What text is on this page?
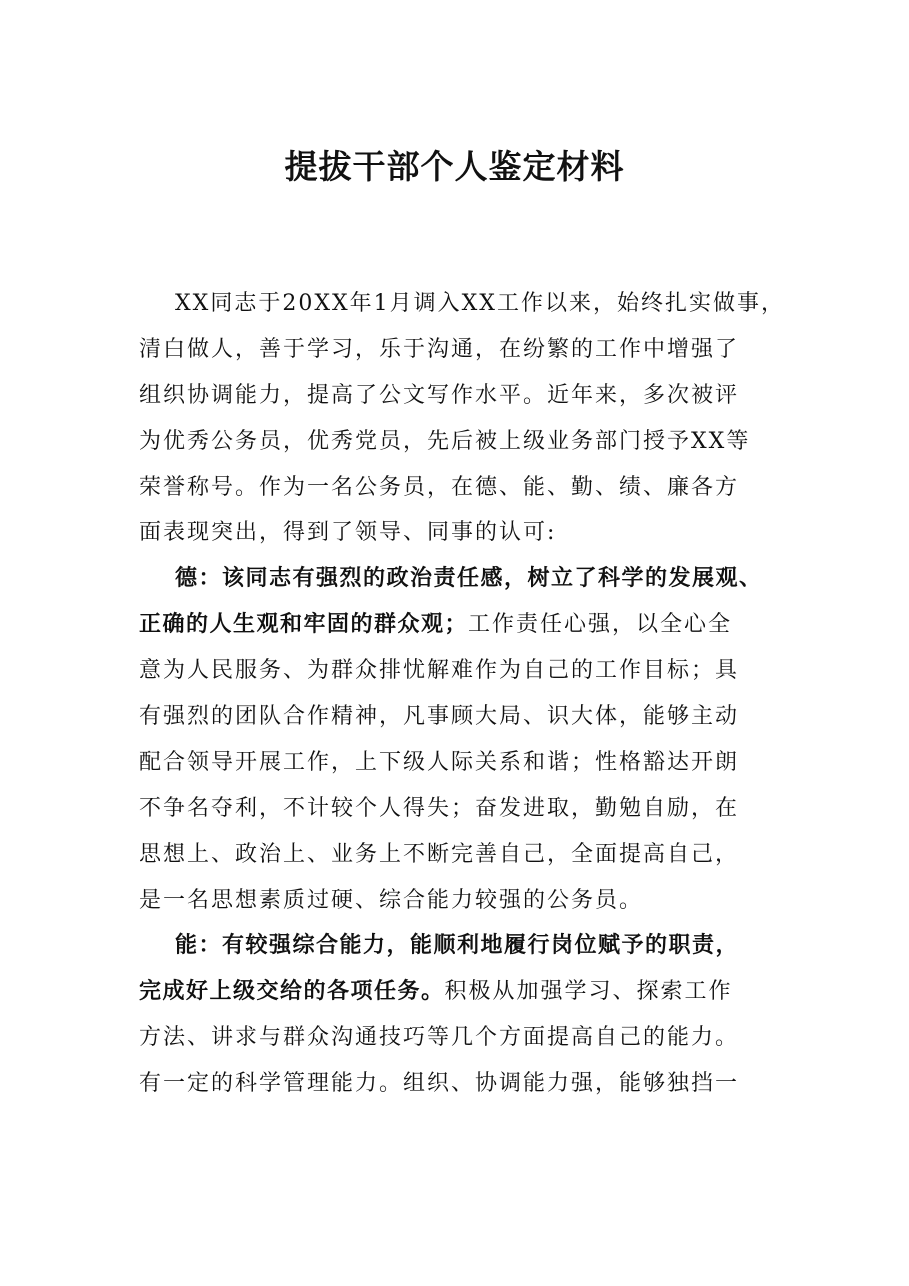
提拔干部个人鉴定材料
XX同志于20XX年1月调入XX工作以来，始终扎实做事，
清白做人，善于学习，乐于沟通，在纷繁的工作中增强了
组织协调能力，提高了公文写作水平。近年来，多次被评
为优秀公务员，优秀党员，先后被上级业务部门授予XX等
荣誉称号。作为一名公务员，在德、能、勤、绩、廉各方
面表现突出，得到了领导、同事的认可:
德：该同志有强烈的政治责任感，树立了科学的发展观、
正确的人生观和牢固的群众观；工作责任心强，以全心全
意为人民服务、为群众排忧解难作为自己的工作目标；具
有强烈的团队合作精神，凡事顾大局、识大体，能够主动
配合领导开展工作，上下级人际关系和谐；性格豁达开朗
不争名夺利，不计较个人得失；奋发进取，勤勉自励，在
思想上、政治上、业务上不断完善自己，全面提高自己，
是一名思想素质过硬、综合能力较强的公务员。
能：有较强综合能力，能顺利地履行岗位赋予的职责，
完成好上级交给的各项任务。积极从加强学习、探索工作
方法、讲求与群众沟通技巧等几个方面提高自己的能力。
有一定的科学管理能力。组织、协调能力强，能够独挡一
